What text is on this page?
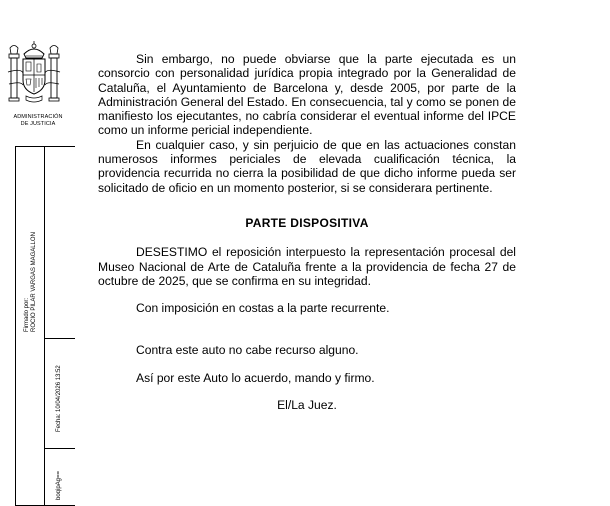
ADMINISTRACIÓN
DE JUSTICIA
Firmado por: ROCIO PILAR VARGAS MAGALLON
Fecha: 10/04/2026 13:52
boqipAg==

Sin embargo, no puede obviarse que la parte ejecutada es un consorcio con personalidad jurídica propia integrado por la Generalidad de Cataluña, el Ayuntamiento de Barcelona y, desde 2005, por parte de la Administración General del Estado. En consecuencia, tal y como se ponen de manifiesto los ejecutantes, no cabría considerar el eventual informe del IPCE como un informe pericial independiente.

En cualquier caso, y sin perjuicio de que en las actuaciones constan numerosos informes periciales de elevada cualificación técnica, la providencia recurrida no cierra la posibilidad de que dicho informe pueda ser solicitado de oficio en un momento posterior, si se considerara pertinente.

PARTE DISPOSITIVA

DESESTIMO el reposición interpuesto la representación procesal del Museo Nacional de Arte de Cataluña frente a la providencia de fecha 27 de octubre de 2025, que se confirma en su integridad.

Con imposición en costas a la parte recurrente.

Contra este auto no cabe recurso alguno.

Así por este Auto lo acuerdo, mando y firmo.

El/La Juez.
